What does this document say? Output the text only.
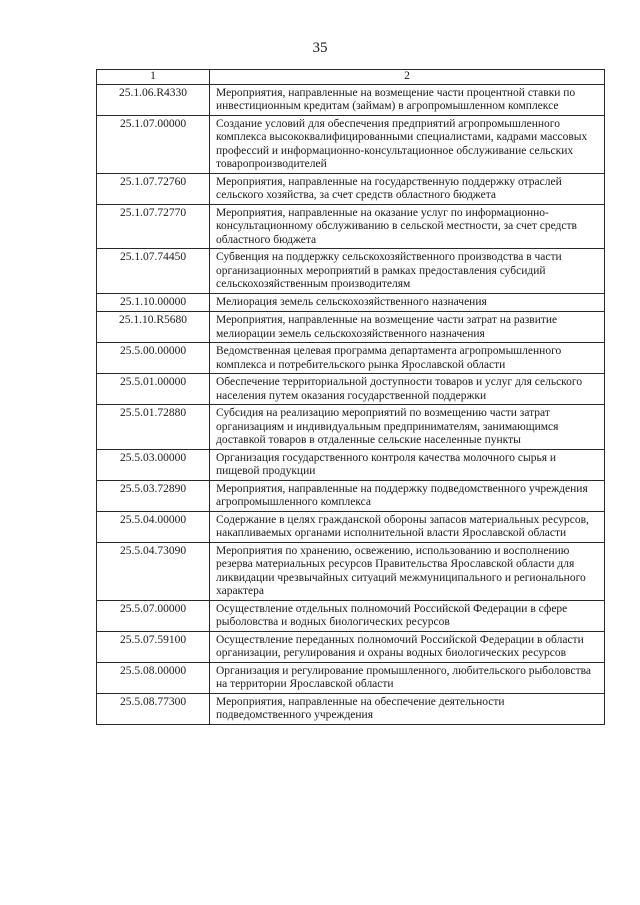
35
1	2
25.1.06.R4330	Мероприятия, направленные на возмещение части процентной ставки по инвестиционным кредитам (займам) в агропромышленном комплексе
25.1.07.00000	Создание условий для обеспечения предприятий агропромышленного комплекса высококвалифицированными специалистами, кадрами массовых профессий и информационно-консультационное обслуживание сельских товаропроизводителей
25.1.07.72760	Мероприятия, направленные на государственную поддержку отраслей сельского хозяйства, за счет средств областного бюджета
25.1.07.72770	Мероприятия, направленные на оказание услуг по информационно-консультационному обслуживанию в сельской местности, за счет средств областного бюджета
25.1.07.74450	Субвенция на поддержку сельскохозяйственного производства в части организационных мероприятий в рамках предоставления субсидий сельскохозяйственным производителям
25.1.10.00000	Мелиорация земель сельскохозяйственного назначения
25.1.10.R5680	Мероприятия, направленные на возмещение части затрат на развитие мелиорации земель сельскохозяйственного назначения
25.5.00.00000	Ведомственная целевая программа департамента агропромышленного комплекса и потребительского рынка Ярославской области
25.5.01.00000	Обеспечение территориальной доступности товаров и услуг для сельского населения путем оказания государственной поддержки
25.5.01.72880	Субсидия на реализацию мероприятий по возмещению части затрат организациям и индивидуальным предпринимателям, занимающимся доставкой товаров в отдаленные сельские населенные пункты
25.5.03.00000	Организация государственного контроля качества молочного сырья и пищевой продукции
25.5.03.72890	Мероприятия, направленные на поддержку подведомственного учреждения агропромышленного комплекса
25.5.04.00000	Содержание в целях гражданской обороны запасов материальных ресурсов, накапливаемых органами исполнительной власти Ярославской области
25.5.04.73090	Мероприятия по хранению, освежению, использованию и восполнению резерва материальных ресурсов Правительства Ярославской области для ликвидации чрезвычайных ситуаций межмуниципального и регионального характера
25.5.07.00000	Осуществление отдельных полномочий Российской Федерации в сфере рыболовства и водных биологических ресурсов
25.5.07.59100	Осуществление переданных полномочий Российской Федерации в области организации, регулирования и охраны водных биологических ресурсов
25.5.08.00000	Организация и регулирование промышленного, любительского рыболовства на территории Ярославской области
25.5.08.77300	Мероприятия, направленные на обеспечение деятельности подведомственного учреждения
